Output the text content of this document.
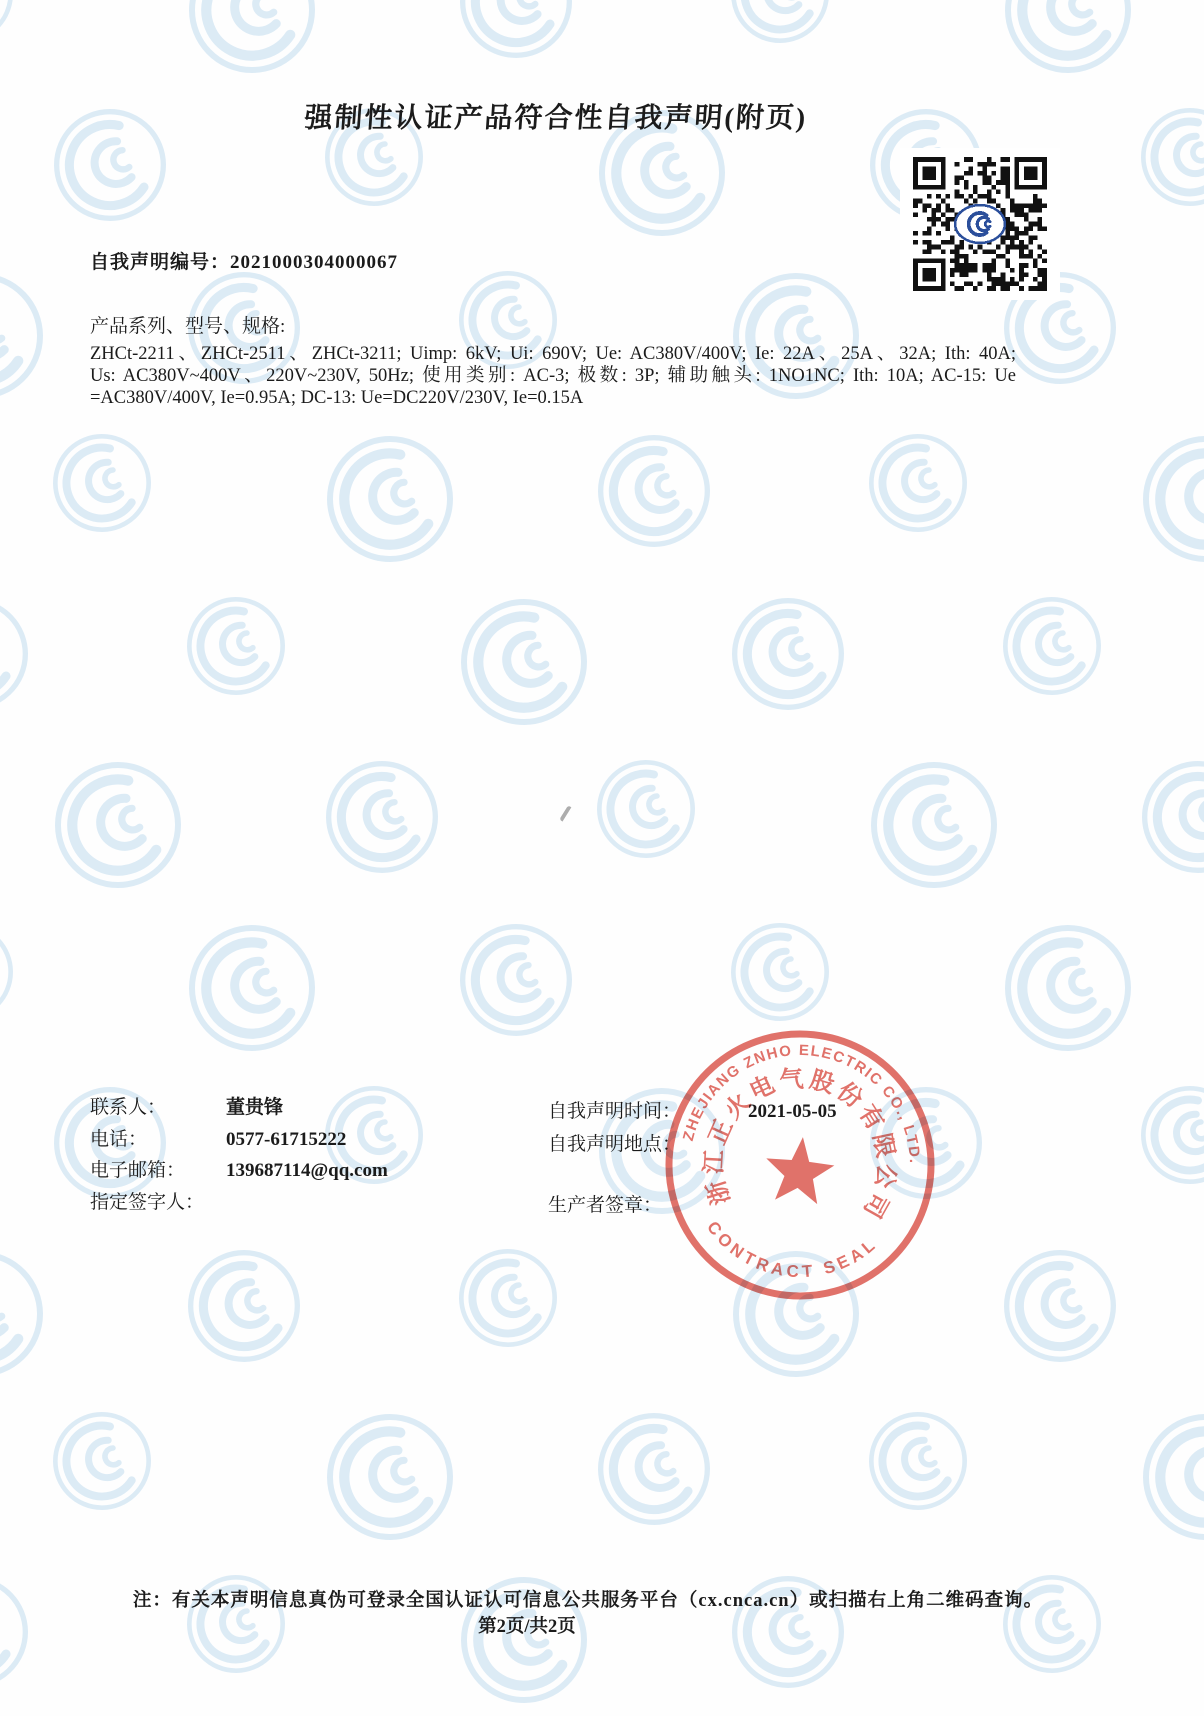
强制性认证产品符合性自我声明(附页)
自我声明编号：2021000304000067
产品系列、型号、规格:
ZHCt-2211、ZHCt-2511、ZHCt-3211; Uimp: 6kV; Ui: 690V; Ue: AC380V/400V; Ie: 22A、25A、32A; Ith: 40A;
Us: AC380V~400V、220V~230V, 50Hz; 使用类别: AC-3; 极数: 3P; 辅助触头: 1NO1NC; Ith: 10A; AC-15: Ue
=AC380V/400V, Ie=0.95A; DC-13: Ue=DC220V/230V, Ie=0.15A
联系人：	董贵锋
电话：	0577-61715222
电子邮箱： 139687114@qq.com
指定签字人：
自我声明时间：	2021-05-05
自我声明地点：
生产者签章：
ZHEJIANG ZNHO ELECTRIC CO., LTD.
浙江正火电气股份有限公司
CONTRACT SEAL
注：有关本声明信息真伪可登录全国认证认可信息公共服务平台（cx.cnca.cn）或扫描右上角二维码查询。
第2页/共2页
